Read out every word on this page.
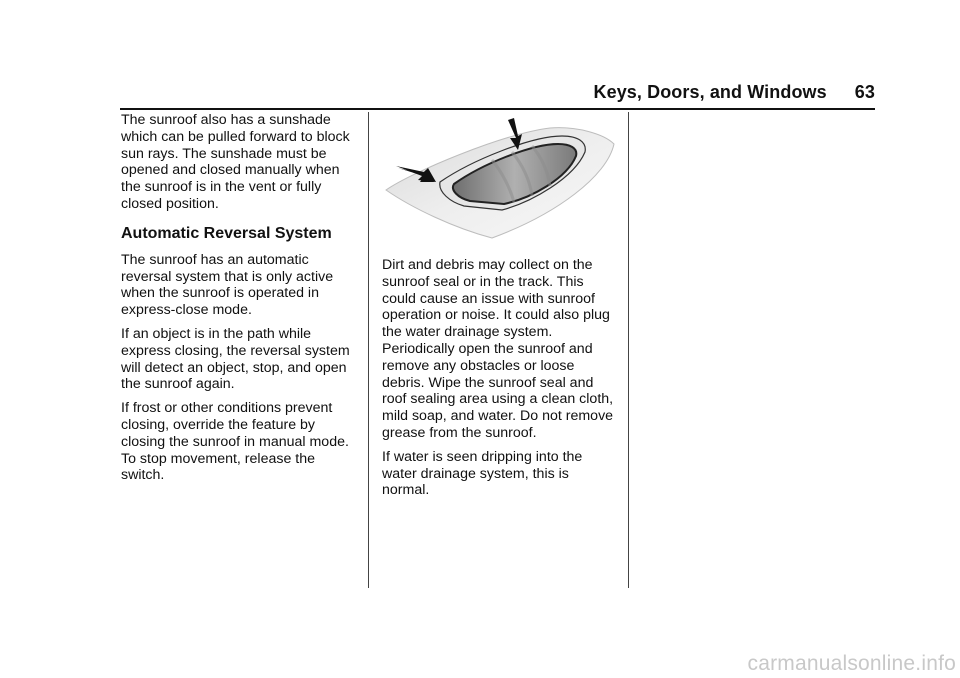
Keys, Doors, and Windows 63

The sunroof also has a sunshade which can be pulled forward to block sun rays. The sunshade must be opened and closed manually when the sunroof is in the vent or fully closed position.

Automatic Reversal System

The sunroof has an automatic reversal system that is only active when the sunroof is operated in express-close mode.

If an object is in the path while express closing, the reversal system will detect an object, stop, and open the sunroof again.

If frost or other conditions prevent closing, override the feature by closing the sunroof in manual mode. To stop movement, release the switch.

Dirt and debris may collect on the sunroof seal or in the track. This could cause an issue with sunroof operation or noise. It could also plug the water drainage system. Periodically open the sunroof and remove any obstacles or loose debris. Wipe the sunroof seal and roof sealing area using a clean cloth, mild soap, and water. Do not remove grease from the sunroof.

If water is seen dripping into the water drainage system, this is normal.

carmanualsonline.info
